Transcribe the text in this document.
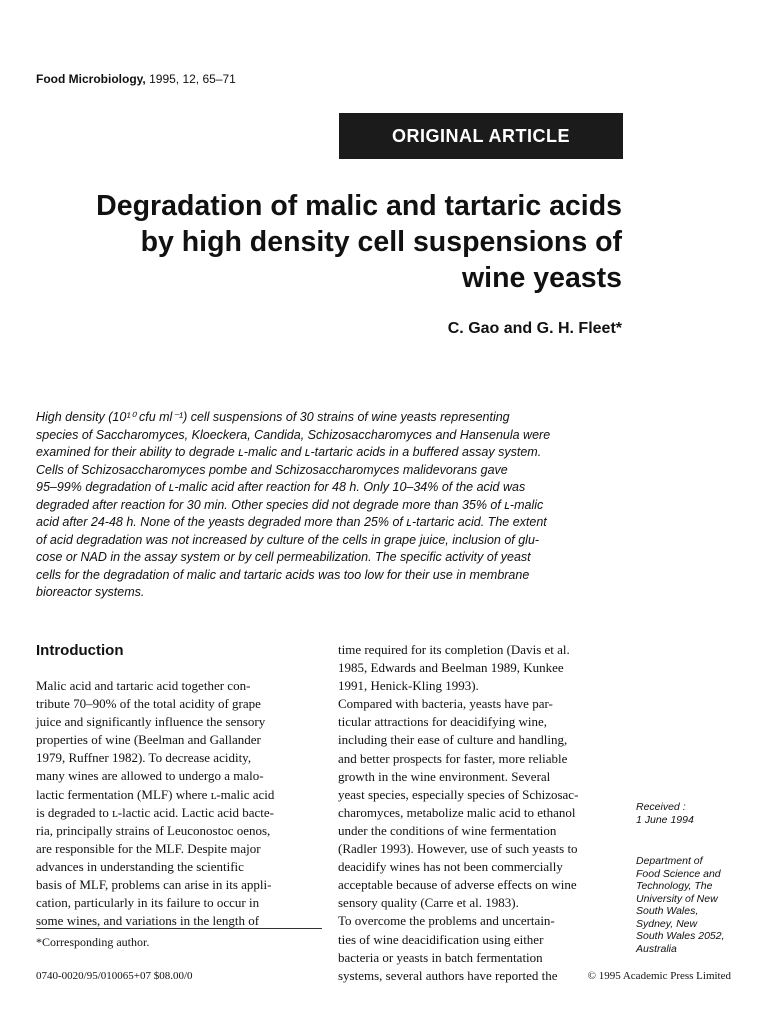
Food Microbiology, 1995, 12, 65–71
ORIGINAL ARTICLE
Degradation of malic and tartaric acids
by high density cell suspensions of
wine yeasts
C. Gao and G. H. Fleet*

High density (10¹⁰ cfu ml⁻¹) cell suspensions of 30 strains of wine yeasts representing
species of Saccharomyces, Kloeckera, Candida, Schizosaccharomyces and Hansenula were
examined for their ability to degrade ʟ-malic and ʟ-tartaric acids in a buffered assay system.
Cells of Schizosaccharomyces pombe and Schizosaccharomyces malidevorans gave
95–99% degradation of ʟ-malic acid after reaction for 48 h. Only 10–34% of the acid was
degraded after reaction for 30 min. Other species did not degrade more than 35% of ʟ-malic
acid after 24-48 h. None of the yeasts degraded more than 25% of ʟ-tartaric acid. The extent
of acid degradation was not increased by culture of the cells in grape juice, inclusion of glu-
cose or NAD in the assay system or by cell permeabilization. The specific activity of yeast
cells for the degradation of malic and tartaric acids was too low for their use in membrane
bioreactor systems.

Introduction
Malic acid and tartaric acid together con-
tribute 70–90% of the total acidity of grape
juice and significantly influence the sensory
properties of wine (Beelman and Gallander
1979, Ruffner 1982). To decrease acidity,
many wines are allowed to undergo a malo-
lactic fermentation (MLF) where ʟ-malic acid
is degraded to ʟ-lactic acid. Lactic acid bacte-
ria, principally strains of Leuconostoc oenos,
are responsible for the MLF. Despite major
advances in understanding the scientific
basis of MLF, problems can arise in its appli-
cation, particularly in its failure to occur in
some wines, and variations in the length of
time required for its completion (Davis et al.
1985, Edwards and Beelman 1989, Kunkee
1991, Henick-Kling 1993).
Compared with bacteria, yeasts have par-
ticular attractions for deacidifying wine,
including their ease of culture and handling,
and better prospects for faster, more reliable
growth in the wine environment. Several
yeast species, especially species of Schizosac-
charomyces, metabolize malic acid to ethanol
under the conditions of wine fermentation
(Radler 1993). However, use of such yeasts to
deacidify wines has not been commercially
acceptable because of adverse effects on wine
sensory quality (Carre et al. 1983).
To overcome the problems and uncertain-
ties of wine deacidification using either
bacteria or yeasts in batch fermentation
systems, several authors have reported the
*Corresponding author.
Received :
1 June 1994
Department of
Food Science and
Technology, The
University of New
South Wales,
Sydney, New
South Wales 2052,
Australia
0740-0020/95/010065+07 $08.00/0	© 1995 Academic Press Limited
